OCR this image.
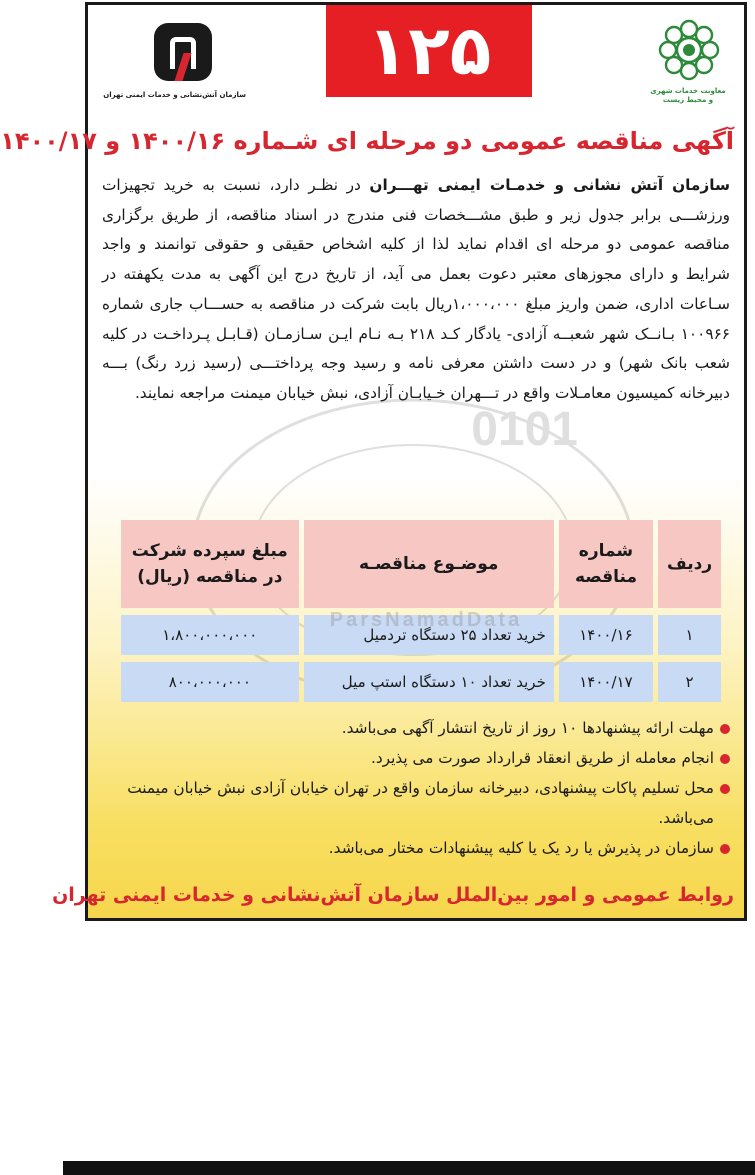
سازمان آتش‌نشانی و خدمات ایمنی تهران
۱۲۵
معاونت خدمات شهری
و محیط زیست
آگهی مناقصه عمومی دو مرحله ای شـماره ۱۴۰۰/۱۶ و ۱۴۰۰/۱۷
0101
سازمان آتش نشانی و خدمـات ایمنی تهـــران در نظـر دارد، نسبت به خرید تجهیزات ورزشـــی برابر جدول زیر و طبق مشـــخصات فنی مندرج در اسناد مناقصه، از طریق برگزاری مناقصه عمومی دو مرحله ای اقدام نماید لذا از کلیه اشخاص حقیقی و حقوقی توانمند و واجد شرایط و دارای مجوزهای معتبر دعوت بعمل می آید، از تاریخ درج این آگهی به مدت یکهفته در سـاعات اداری، ضمن واریز مبلغ ۱،۰۰۰،۰۰۰ریال بابت شرکت در مناقصه به حســـاب جاری شماره ۱۰۰۹۶۶ بـانــک شهر شعبــه آزادی- یادگار کـد ۲۱۸ بـه نـام ایـن سـازمـان (قـابـل پـرداخـت در کلیه شعب بانک شهر) و در دست داشتن معرفی نامه و رسید وجه پرداختـــی (رسید زرد رنگ) بـــه دبیرخانه کمیسیون معامـلات واقع در تـــهران خـیابـان آزادی، نبش خیابان میمنت مراجعه نمایند.
ردیف	شماره مناقصه	موضـوع مناقصـه	مبلغ سپرده شرکت در مناقصه (ریال)
۱	۱۴۰۰/۱۶	خرید تعداد ۲۵ دستگاه تردمیل	۱،۸۰۰،۰۰۰،۰۰۰
۲	۱۴۰۰/۱۷	خرید تعداد ۱۰ دستگاه استپ میل	۸۰۰،۰۰۰،۰۰۰
ParsNamadData
مهلت ارائه پیشنهادها ۱۰ روز از تاریخ انتشار آگهی می‌باشد.
انجام معامله از طریق انعقاد قرارداد صورت می پذیرد.
محل تسلیم پاکات پیشنهادی، دبیرخانه سازمان واقع در تهران خیابان آزادی نبش خیابان میمنت می‌باشد.
سازمان در پذیرش یا رد یک یا کلیه پیشنهادات مختار می‌باشد.
روابط عمومی و امور بین‌الملل سازمان آتش‌نشانی و خدمات ایمنی تهران
